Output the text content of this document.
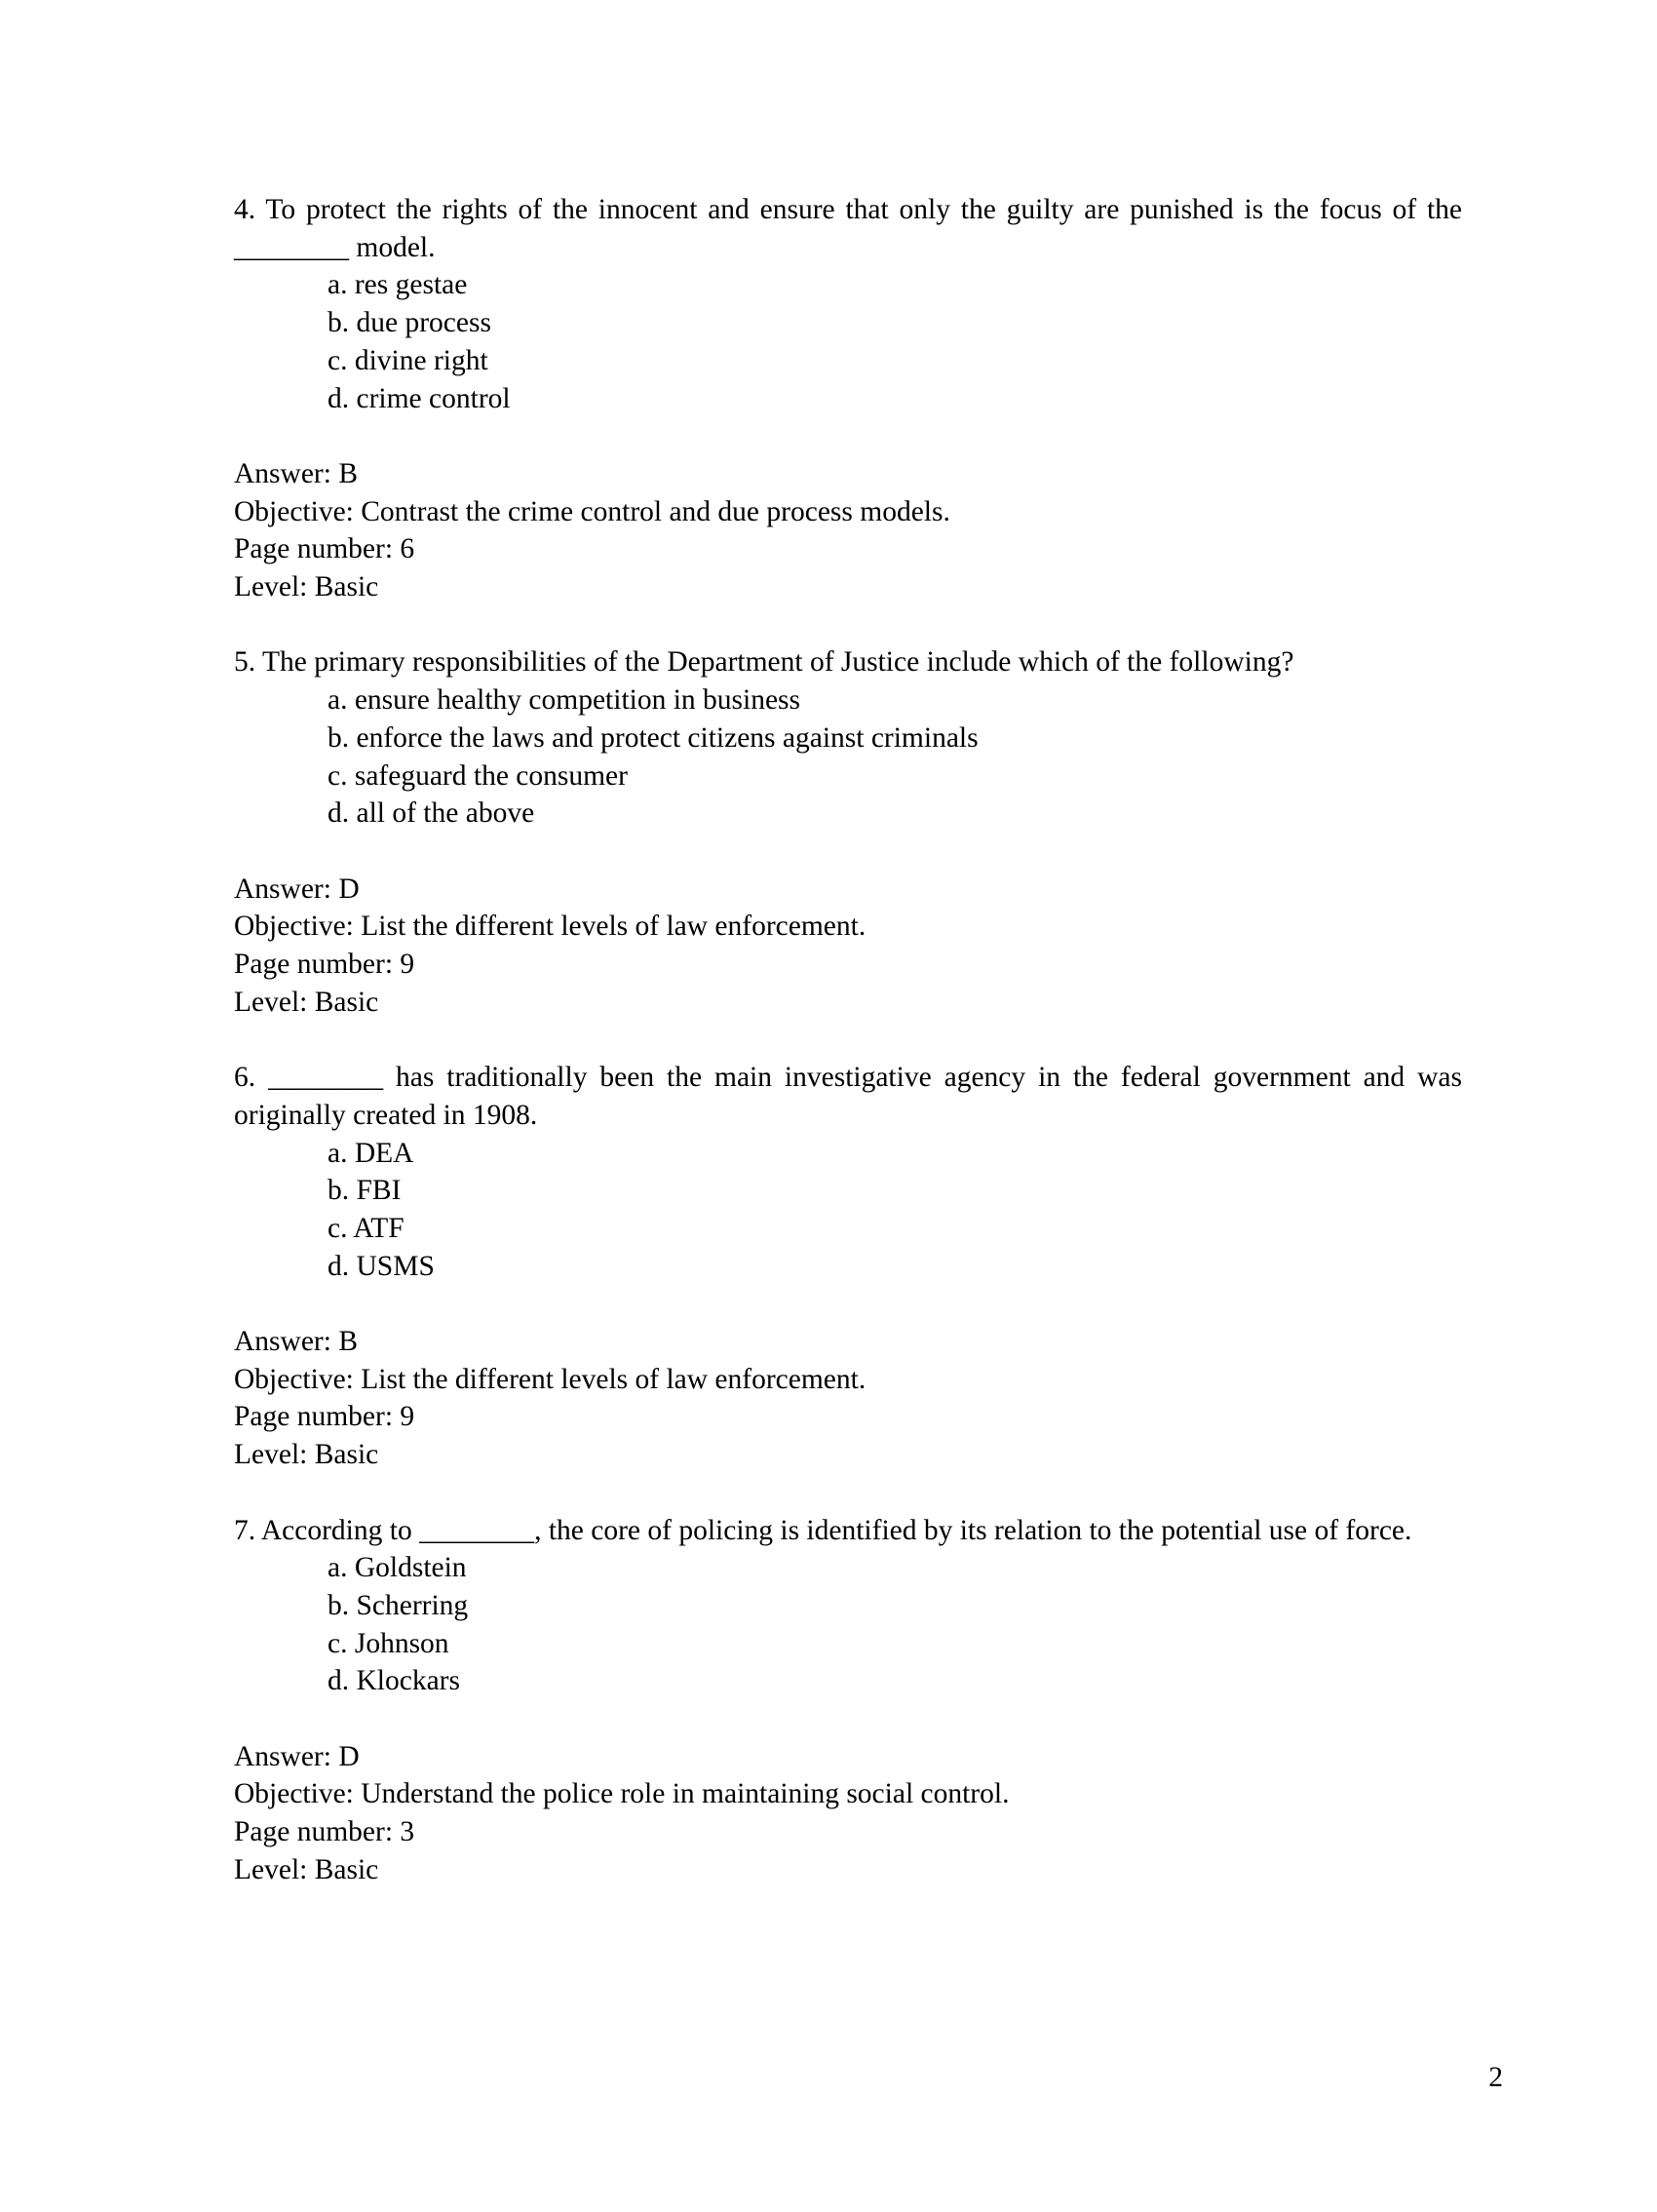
4. To protect the rights of the innocent and ensure that only the guilty are punished is the focus of the ________ model.

a. res gestae
b. due process
c. divine right
d. crime control

Answer: B

Objective: Contrast the crime control and due process models.

Page number: 6

Level: Basic

5. The primary responsibilities of the Department of Justice include which of the following?

a. ensure healthy competition in business
b. enforce the laws and protect citizens against criminals
c. safeguard the consumer
d. all of the above

Answer: D

Objective: List the different levels of law enforcement.

Page number: 9

Level: Basic

6. ________ has traditionally been the main investigative agency in the federal government and was originally created in 1908.

a. DEA
b. FBI
c. ATF
d. USMS

Answer: B

Objective: List the different levels of law enforcement.

Page number: 9

Level: Basic

7. According to ________, the core of policing is identified by its relation to the potential use of force.

a. Goldstein
b. Scherring
c. Johnson
d. Klockars

Answer: D

Objective: Understand the police role in maintaining social control.

Page number: 3

Level: Basic

2
